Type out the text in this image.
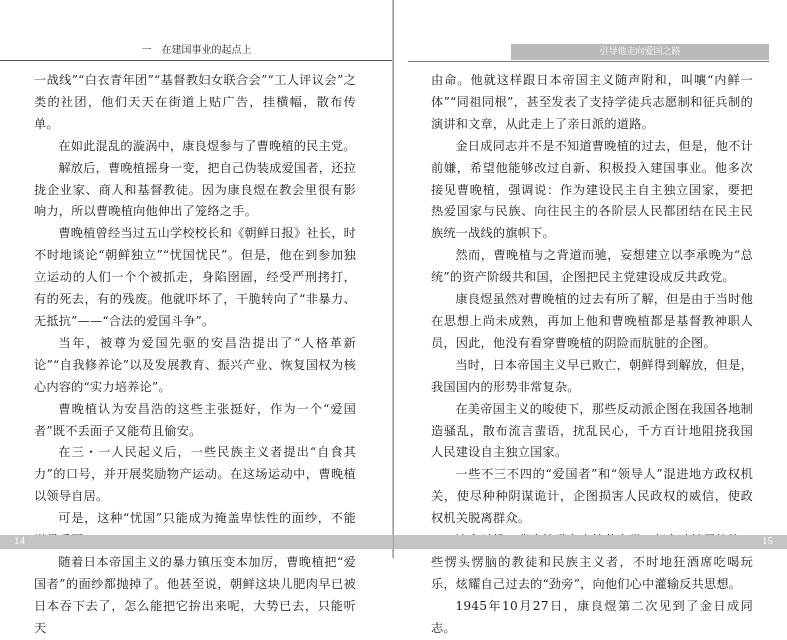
一　在建国事业的起点上

一战线”“白衣青年团”“基督教妇女联合会”“工人评议会”之类的社团，他们天天在街道上贴广告，挂横幅，散布传单。

在如此混乱的漩涡中，康良煜参与了曹晚植的民主党。

解放后，曹晚植摇身一变，把自己伪装成爱国者，还拉拢企业家、商人和基督教徒。因为康良煜在教会里很有影响力，所以曹晚植向他伸出了笼络之手。

曹晚植曾经当过五山学校校长和《朝鲜日报》社长，时不时地谈论“朝鲜独立”“忧国忧民”。但是，他在到参加独立运动的人们一个个被抓走，身陷囹圄，经受严刑拷打，有的死去，有的残废。他就吓坏了，干脆转向了“非暴力、无抵抗”——“合法的爱国斗争”。

当年，被尊为爱国先驱的安昌浩提出了“人格革新论”“自我修养论”以及发展教育、振兴产业、恢复国权为核心内容的“实力培养论”。

曹晚植认为安昌浩的这些主张挺好，作为一个“爱国者”既不丢面子又能苟且偷安。

在三・一人民起义后，一些民族主义者提出“自食其力”的口号，并开展奖励物产运动。在这场运动中，曹晚植以领导自居。

可是，这种“忧国”只能成为掩盖卑怯性的面纱，不能

随着日本帝国主义的暴力镇压变本加厉，曹晚植把“爱国者”的面纱都抛掉了。他甚至说，朝鲜这块儿肥肉早已被日本吞下去了，怎么能把它拚出来呢，大势已去，只能听天

14
引导他走向爱国之路

由命。他就这样跟日本帝国主义随声附和，叫嚷“内鲜一体”“同祖同根”，甚至发表了支持学徒兵志愿制和征兵制的演讲和文章，从此走上了亲日派的道路。

金日成同志并不是不知道曹晚植的过去，但是，他不计前嫌，希望他能够改过自新、积极投入建国事业。他多次接见曹晚植，强调说：作为建设民主自主独立国家，要把热爱国家与民族、向往民主的各阶层人民都团结在民主民族统一战线的旗帜下。

然而，曹晚植与之背道而驰，妄想建立以李承晚为“总统”的资产阶级共和国，企图把民主党建设成反共政党。

康良煜虽然对曹晚植的过去有所了解，但是由于当时他在思想上尚未成熟，再加上他和曹晚植都是基督教神职人员，因此，他没有看穿曹晚植的阴险而肮脏的企图。

当时，日本帝国主义早已败亡，朝鲜得到解放，但是，我国国内的形势非常复杂。

在美帝国主义的唆使下，那些反动派企图在我国各地制造骚乱，散布流言蜚语，扰乱民心，千方百计地阻挠我国人民建设自主独立国家。

一些不三不四的“爱国者”和“领导人”混进地方政权机关，使尽种种阴谋诡计，企图损害人民政权的威信，使政权机关脱离群众。

些愣头愣脑的教徒和民族主义者，不时地狂酒席吃喝玩乐，炫耀自己过去的“劲旁”，向他们心中灌输反共思想。

1945年10月27日，康良煜第二次见到了金日成同志。

15
